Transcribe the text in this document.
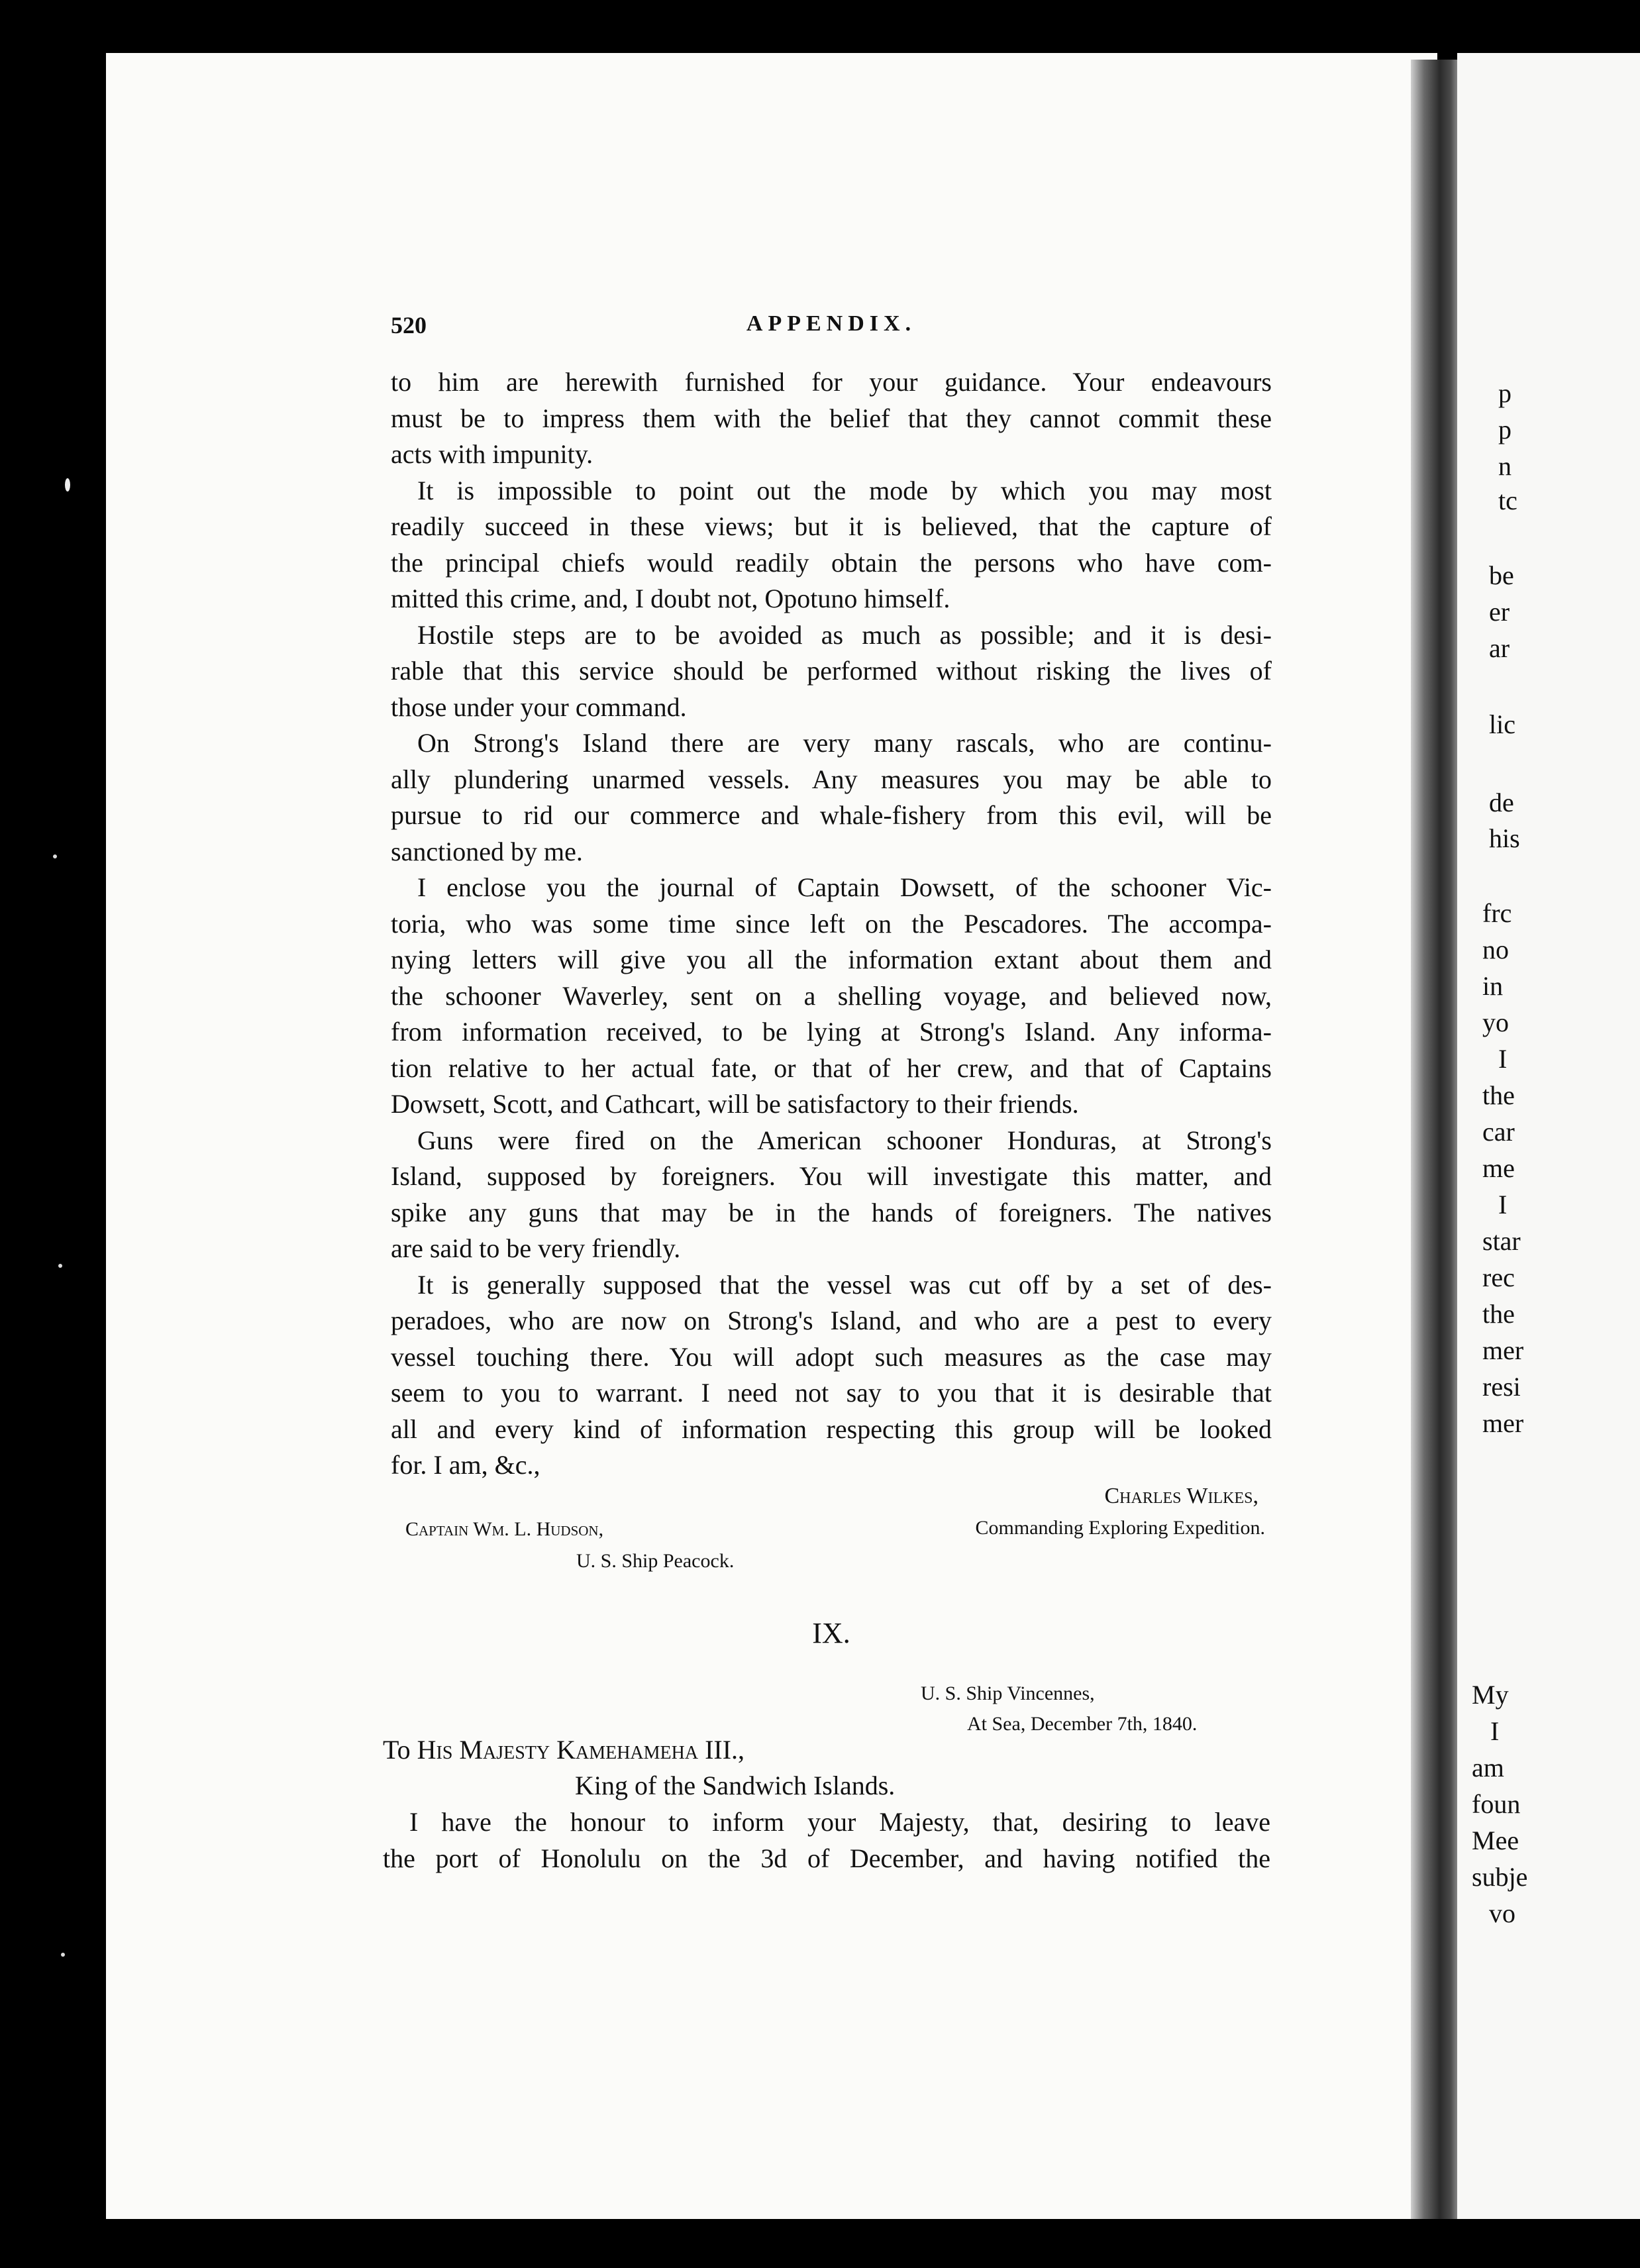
p
p
n
tc
be
er
ar
lic
de
his
frc
no
in
yo
I
the
car
me
I
star
rec
the
mer
resi
mer
My
I
am
foun
Mee
subje
vo
520	APPENDIX.
to him are herewith furnished for your guidance. Your endeavours
must be to impress them with the belief that they cannot commit these
acts with impunity.
It is impossible to point out the mode by which you may most
readily succeed in these views; but it is believed, that the capture of
the principal chiefs would readily obtain the persons who have com-
mitted this crime, and, I doubt not, Opotuno himself.
Hostile steps are to be avoided as much as possible; and it is desi-
rable that this service should be performed without risking the lives of
those under your command.
On Strong's Island there are very many rascals, who are continu-
ally plundering unarmed vessels. Any measures you may be able to
pursue to rid our commerce and whale-fishery from this evil, will be
sanctioned by me.
I enclose you the journal of Captain Dowsett, of the schooner Vic-
toria, who was some time since left on the Pescadores. The accompa-
nying letters will give you all the information extant about them and
the schooner Waverley, sent on a shelling voyage, and believed now,
from information received, to be lying at Strong's Island. Any informa-
tion relative to her actual fate, or that of her crew, and that of Captains
Dowsett, Scott, and Cathcart, will be satisfactory to their friends.
Guns were fired on the American schooner Honduras, at Strong's
Island, supposed by foreigners. You will investigate this matter, and
spike any guns that may be in the hands of foreigners. The natives
are said to be very friendly.
It is generally supposed that the vessel was cut off by a set of des-
peradoes, who are now on Strong's Island, and who are a pest to every
vessel touching there. You will adopt such measures as the case may
seem to you to warrant. I need not say to you that it is desirable that
all and every kind of information respecting this group will be looked
for. I am, &c.,
Charles Wilkes,
Commanding Exploring Expedition.
Captain Wm. L. Hudson,
U. S. Ship Peacock.
IX.
U. S. Ship Vincennes,
At Sea, December 7th, 1840.
To His Majesty Kamehameha III.,
King of the Sandwich Islands.
I have the honour to inform your Majesty, that, desiring to leave
the port of Honolulu on the 3d of December, and having notified the
